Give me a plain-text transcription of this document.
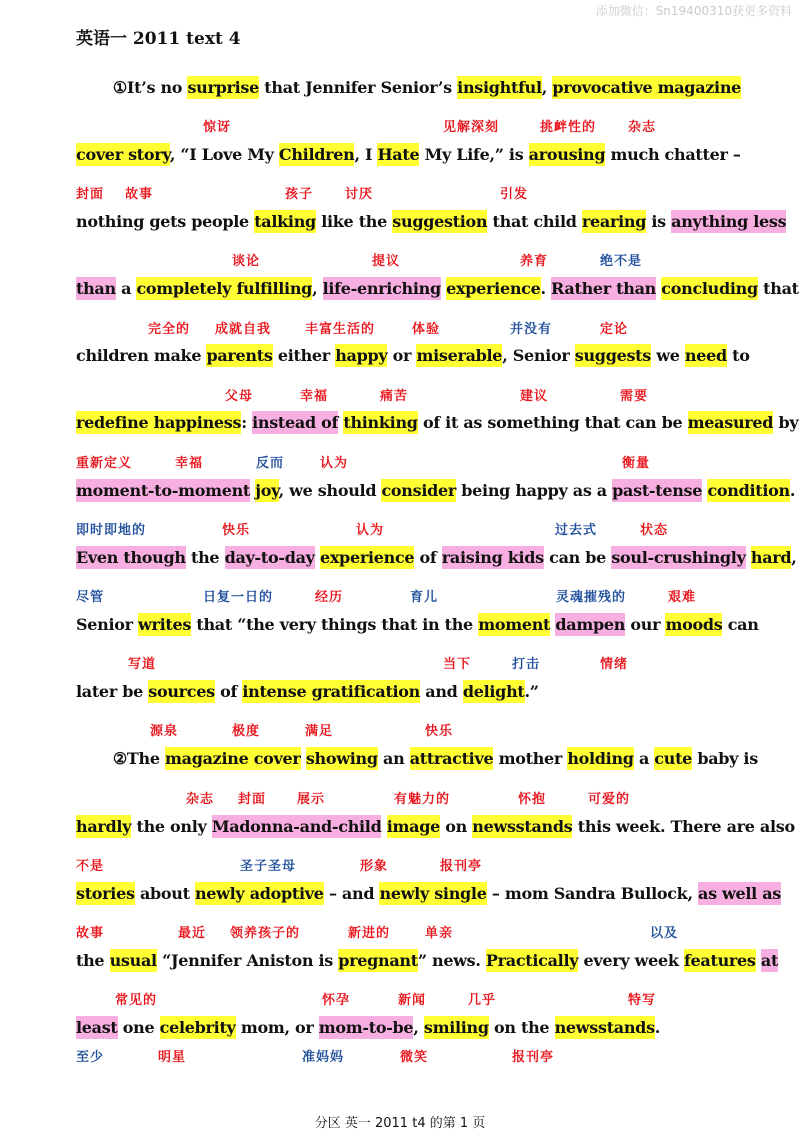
添加微信：Sn19400310获更多资料
英语一 2011 text 4
①It’s no surprise that Jennifer Senior’s insightful, provocative magazine
cover story, “I Love My Children, I Hate My Life,” is arousing much chatter –
nothing gets people talking like the suggestion that child rearing is anything less
than a completely fulfilling, life-enriching experience. Rather than concluding that
children make parents either happy or miserable, Senior suggests we need to
redefine happiness: instead of thinking of it as something that can be measured by
moment-to-moment joy, we should consider being happy as a past-tense condition.
Even though the day-to-day experience of raising kids can be soul-crushingly hard,
Senior writes that “the very things that in the moment dampen our moods can
later be sources of intense gratification and delight.”
②The magazine cover showing an attractive mother holding a cute baby is
hardly the only Madonna-and-child image on newsstands this week. There are also
stories about newly adoptive – and newly single – mom Sandra Bullock, as well as
the usual “Jennifer Aniston is pregnant” news. Practically every week features at
least one celebrity mom, or mom-to-be, smiling on the newsstands.
惊讶	见解深刻	挑衅性的 杂志
封面 故事	孩子 讨厌	引发
谈论	提议	养育	绝不是
完全的 成就自我	丰富生活的	体验	并没有	定论
父母	幸福	痛苦	建议	需要
重新定义	幸福	反而	认为	衡量
即时即地的	快乐	认为	过去式	状态
尽管	日复一日的	经历	育儿	灵魂摧残的	艰难
写道	当下	打击	情绪
源泉	极度	满足	快乐
杂志 封面 展示	有魅力的	怀抱	可爱的
不是	圣子圣母	形象	报刊亭
故事	最近 领养孩子的	新进的	单亲	以及
常见的	怀孕	新闻	几乎	特写
至少	明星	准妈妈	微笑	报刊亭
分区 英一 2011 t4 的第 1 页
